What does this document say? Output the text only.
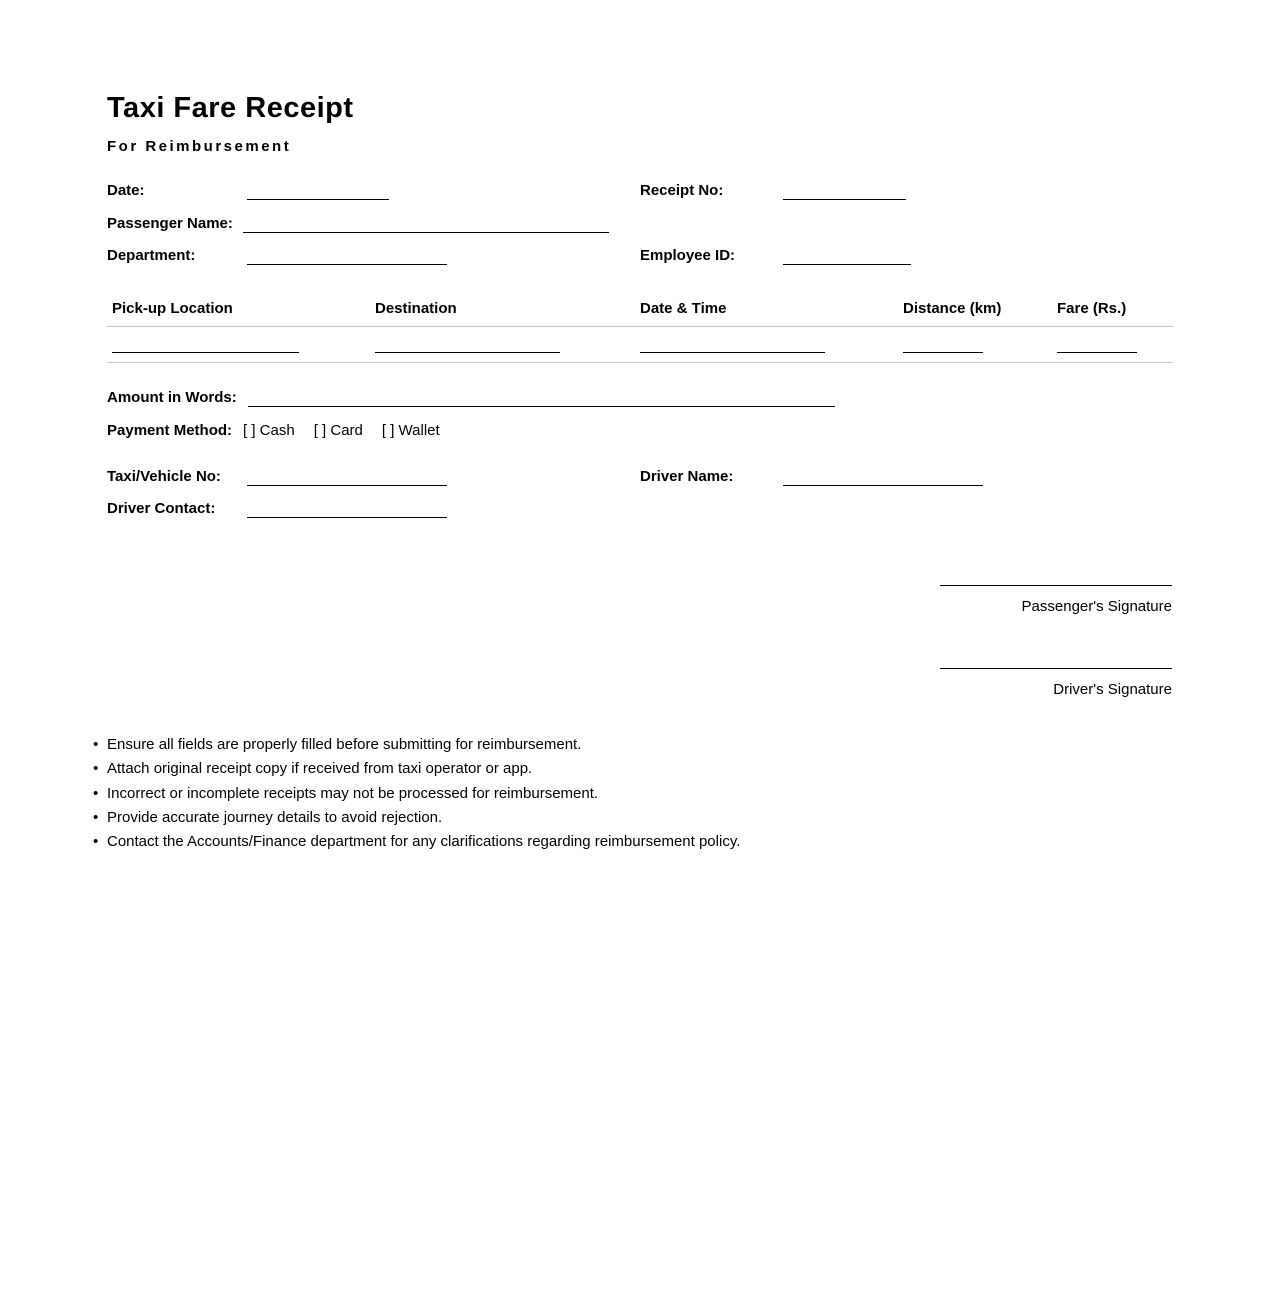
Taxi Fare Receipt
For Reimbursement
Date:	Receipt No:
Passenger Name:
Department:	Employee ID:
Pick-up Location	Destination	Date & Time	Distance (km)	Fare (Rs.)
Amount in Words:
Payment Method: [ ] Cash [ ] Card [ ] Wallet
Taxi/Vehicle No:	Driver Name:
Driver Contact:
Passenger's Signature
Driver's Signature
• Ensure all fields are properly filled before submitting for reimbursement.
• Attach original receipt copy if received from taxi operator or app.
• Incorrect or incomplete receipts may not be processed for reimbursement.
• Provide accurate journey details to avoid rejection.
• Contact the Accounts/Finance department for any clarifications regarding reimbursement policy.
